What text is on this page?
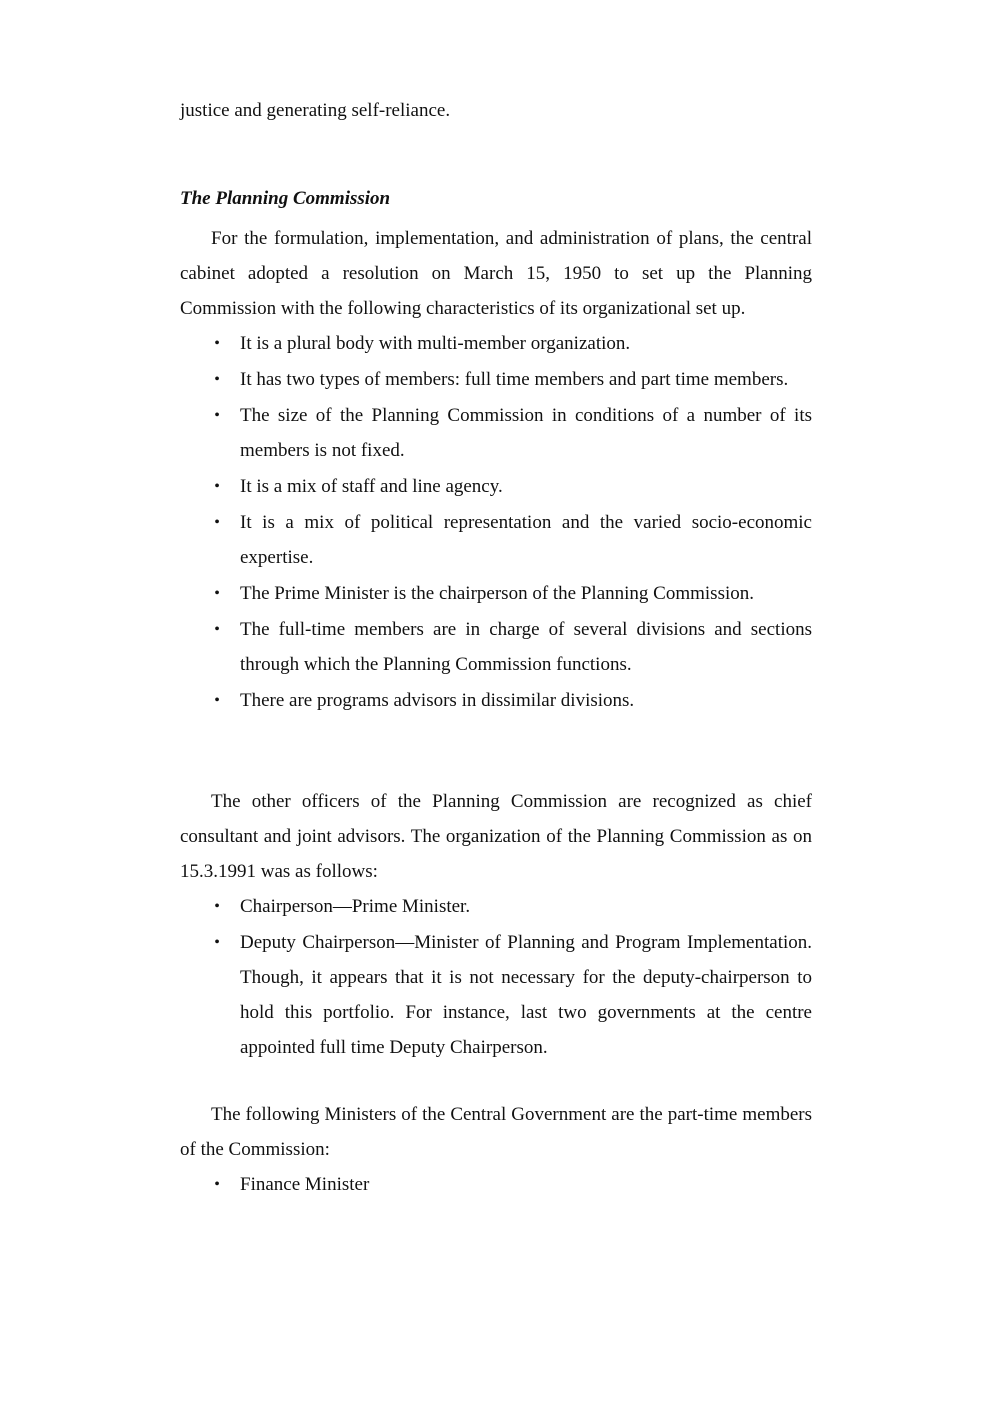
justice and generating self-reliance.
The Planning Commission

For the formulation, implementation, and administration of plans, the central cabinet adopted a resolution on March 15, 1950 to set up the Planning Commission with the following characteristics of its organizational set up.

• It is a plural body with multi-member organization.
• It has two types of members: full time members and part time members.
• The size of the Planning Commission in conditions of a number of its members is not fixed.
• It is a mix of staff and line agency.
• It is a mix of political representation and the varied socio-economic expertise.
• The Prime Minister is the chairperson of the Planning Commission.
• The full-time members are in charge of several divisions and sections through which the Planning Commission functions.
• There are programs advisors in dissimilar divisions.

The other officers of the Planning Commission are recognized as chief consultant and joint advisors. The organization of the Planning Commission as on 15.3.1991 was as follows:

• Chairperson—Prime Minister.
• Deputy Chairperson—Minister of Planning and Program Implementation. Though, it appears that it is not necessary for the deputy-chairperson to hold this portfolio. For instance, last two governments at the centre appointed full time Deputy Chairperson.

The following Ministers of the Central Government are the part-time members of the Commission:

• Finance Minister
